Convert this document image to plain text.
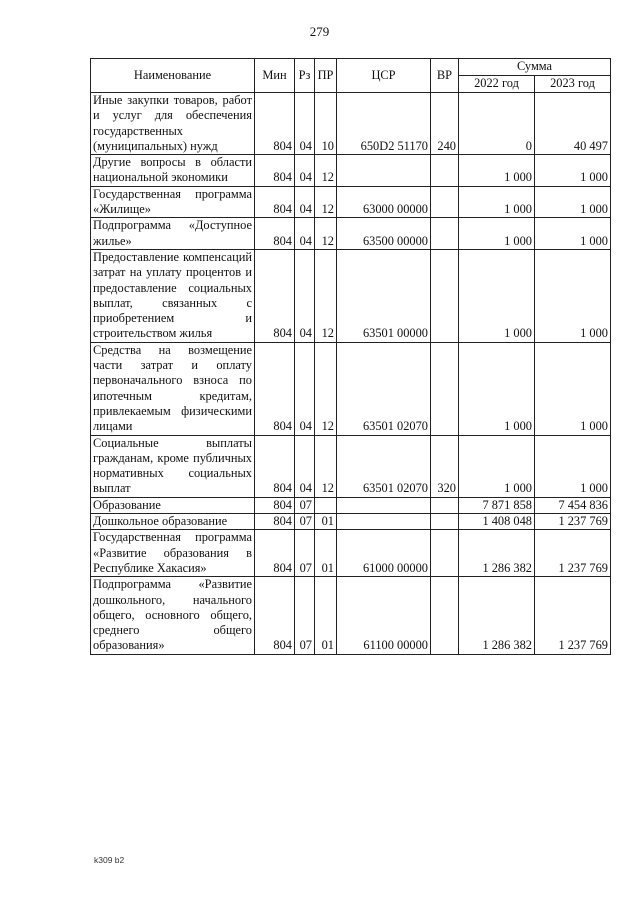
279
Наименование	Мин	Рз	ПР	ЦСР	ВР	Сумма	
						2022 год	2023 год
Иные закупки товаров, работ и услуг для обеспечения государственных (муниципальных) нужд	804	04	10	650D2 51170	240	0	40 497
Другие вопросы в области национальной экономики	804	04	12			1 000	1 000
Государственная программа «Жилище»	804	04	12	63000 00000		1 000	1 000
Подпрограмма «Доступное жилье»	804	04	12	63500 00000		1 000	1 000
Предоставление компенсаций затрат на уплату процентов и предоставление социальных выплат, связанных с приобретением и строительством жилья	804	04	12	63501 00000		1 000	1 000
Средства на возмещение части затрат и оплату первоначального взноса по ипотечным кредитам, привлекаемым физическими лицами	804	04	12	63501 02070		1 000	1 000
Социальные выплаты гражданам, кроме публичных нормативных социальных выплат	804	04	12	63501 02070	320	1 000	1 000
Образование	804	07				7 871 858	7 454 836
Дошкольное образование	804	07	01			1 408 048	1 237 769
Государственная программа «Развитие образования в Республике Хакасия»	804	07	01	61000 00000		1 286 382	1 237 769
Подпрограмма «Развитие дошкольного, начального общего, основного общего, среднего общего образования»	804	07	01	61100 00000		1 286 382	1 237 769
k309 b2
